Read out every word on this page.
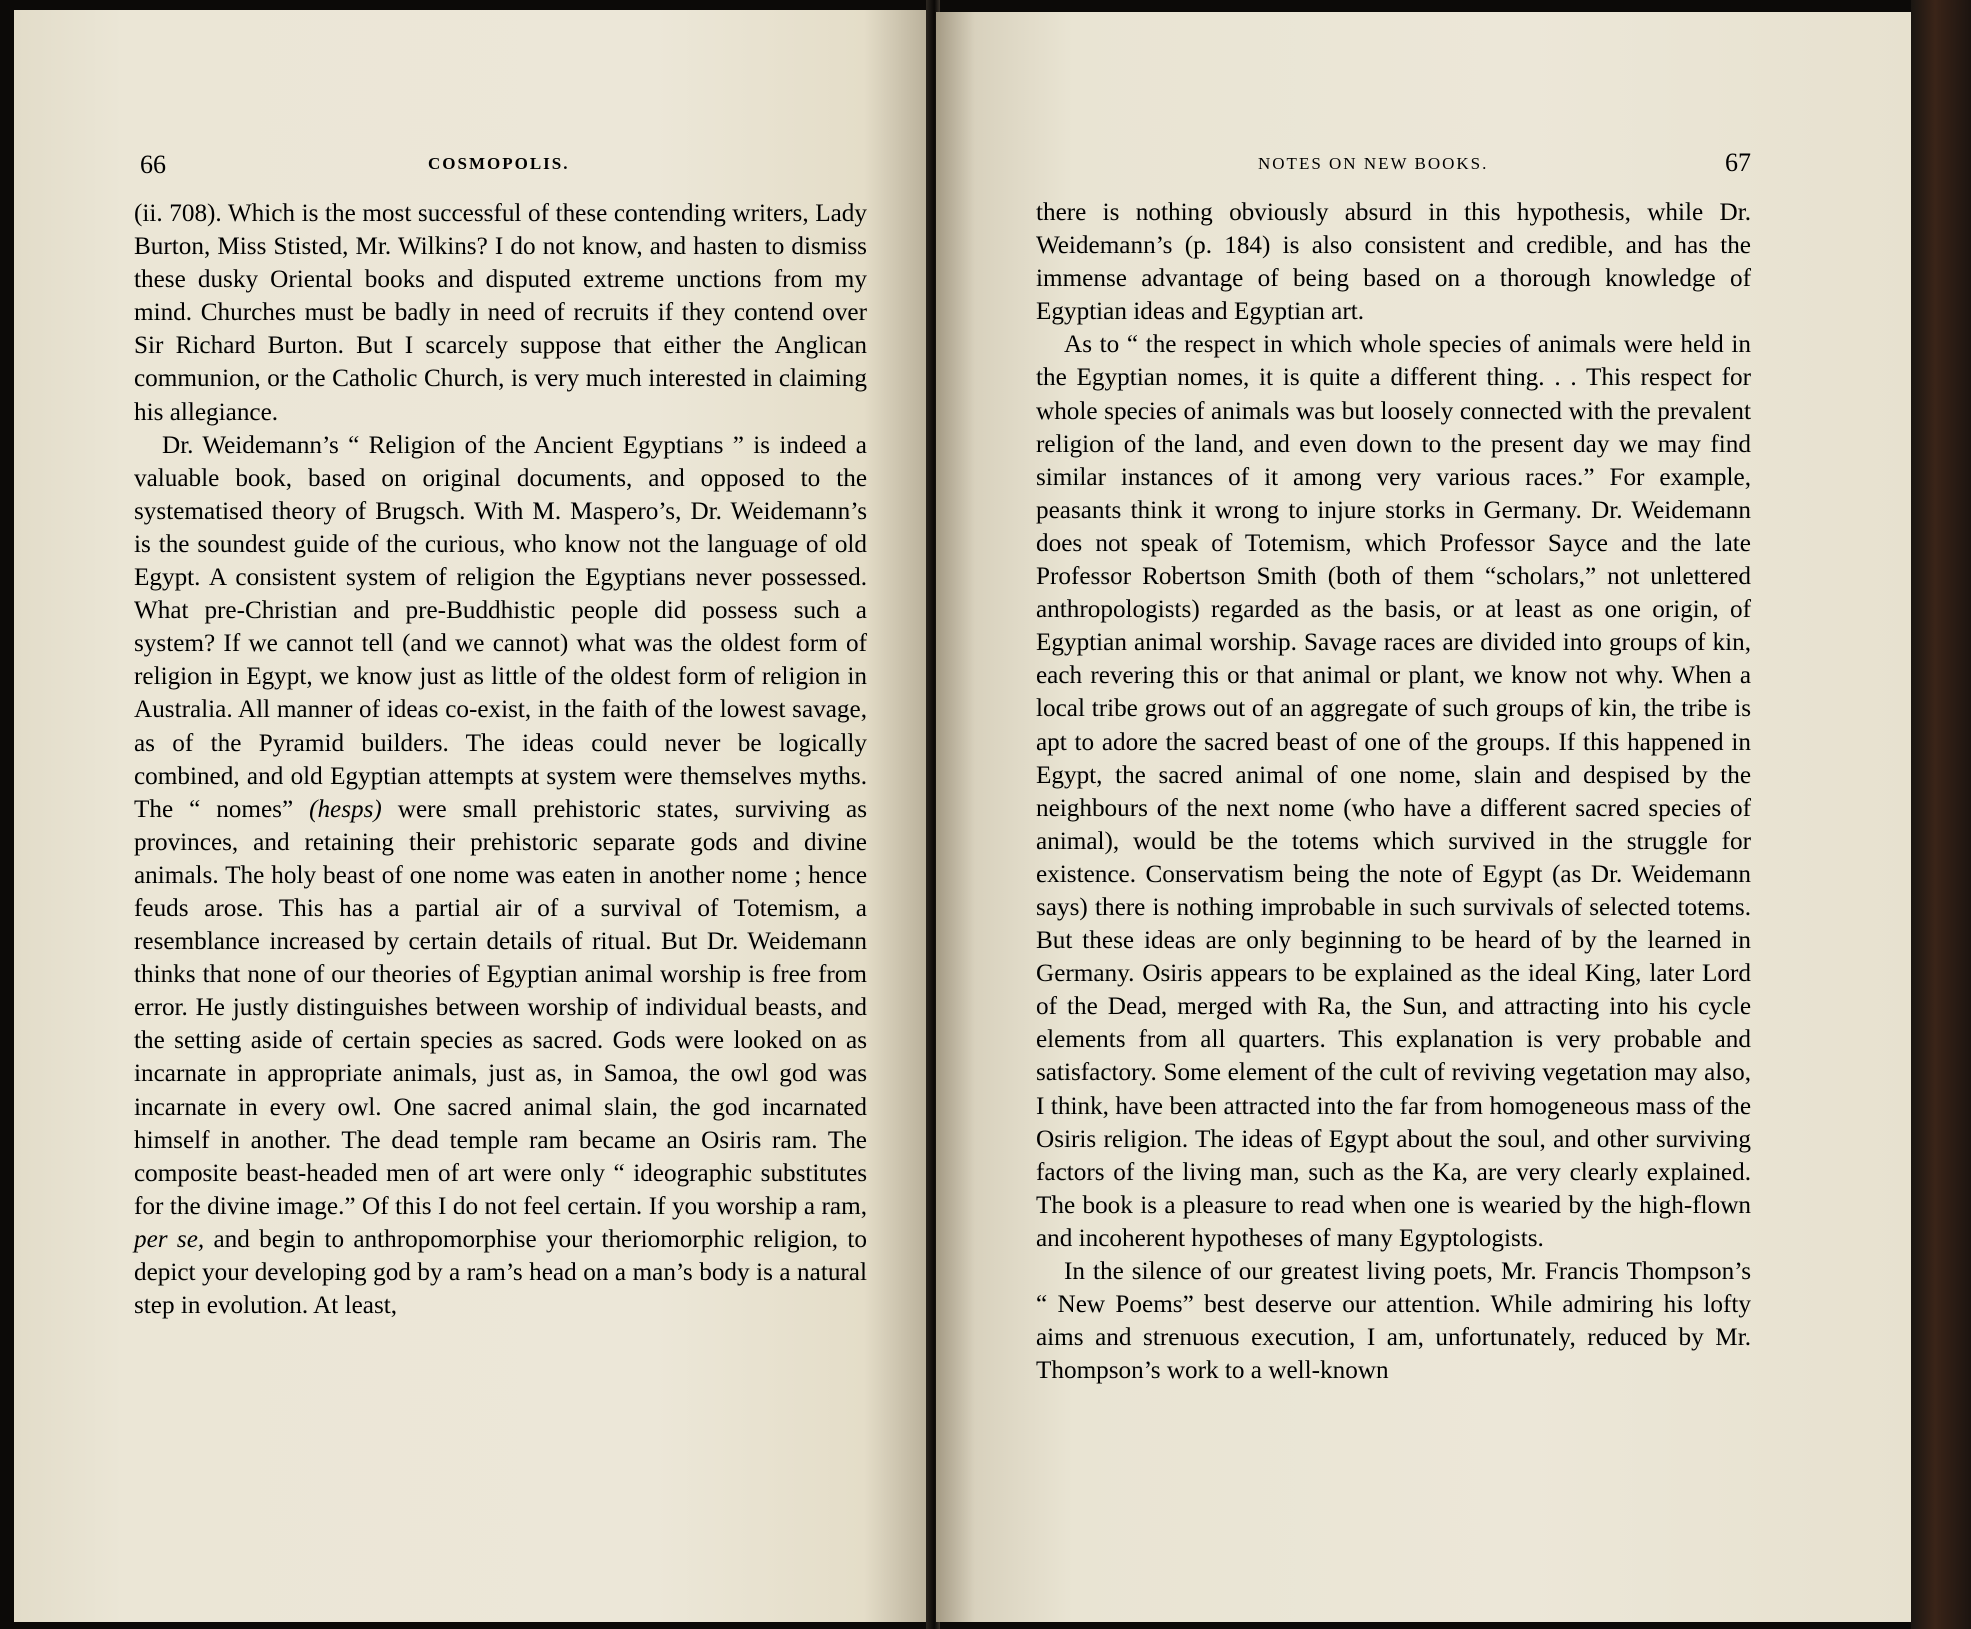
66	COSMOPOLIS.	NOTES ON NEW BOOKS.	67

(ii. 708). Which is the most successful of these contending writers, Lady Burton, Miss Stisted, Mr. Wilkins? I do not know, and hasten to dismiss these dusky Oriental books and disputed extreme unctions from my mind. Churches must be badly in need of recruits if they contend over Sir Richard Burton. But I scarcely suppose that either the Anglican communion, or the Catholic Church, is very much interested in claiming his allegiance.

Dr. Weidemann’s “ Religion of the Ancient Egyptians ” is indeed a valuable book, based on original documents, and opposed to the systematised theory of Brugsch. With M. Maspero’s, Dr. Weidemann’s is the soundest guide of the curious, who know not the language of old Egypt. A consistent system of religion the Egyptians never possessed. What pre-Christian and pre-Buddhistic people did possess such a system? If we cannot tell (and we cannot) what was the oldest form of religion in Egypt, we know just as little of the oldest form of religion in Australia. All manner of ideas co-exist, in the faith of the lowest savage, as of the Pyramid builders. The ideas could never be logically combined, and old Egyptian attempts at system were themselves myths. The “ nomes” (hesps) were small prehistoric states, surviving as provinces, and retaining their prehistoric separate gods and divine animals. The holy beast of one nome was eaten in another nome ; hence feuds arose. This has a partial air of a survival of Totemism, a resemblance increased by certain details of ritual. But Dr. Weidemann thinks that none of our theories of Egyptian animal worship is free from error. He justly distinguishes between worship of individual beasts, and the setting aside of certain species as sacred. Gods were looked on as incarnate in appropriate animals, just as, in Samoa, the owl god was incarnate in every owl. One sacred animal slain, the god incarnated himself in another. The dead temple ram became an Osiris ram. The composite beast-headed men of art were only “ ideographic substitutes for the divine image.” Of this I do not feel certain. If you worship a ram, per se, and begin to anthropomorphise your theriomorphic religion, to depict your developing god by a ram’s head on a man’s body is a natural step in evolution. At least,

there is nothing obviously absurd in this hypothesis, while Dr. Weidemann’s (p. 184) is also consistent and credible, and has the immense advantage of being based on a thorough knowledge of Egyptian ideas and Egyptian art.

As to “ the respect in which whole species of animals were held in the Egyptian nomes, it is quite a different thing. . . This respect for whole species of animals was but loosely connected with the prevalent religion of the land, and even down to the present day we may find similar instances of it among very various races.” For example, peasants think it wrong to injure storks in Germany. Dr. Weidemann does not speak of Totemism, which Professor Sayce and the late Professor Robertson Smith (both of them “scholars,” not unlettered anthropologists) regarded as the basis, or at least as one origin, of Egyptian animal worship. Savage races are divided into groups of kin, each revering this or that animal or plant, we know not why. When a local tribe grows out of an aggregate of such groups of kin, the tribe is apt to adore the sacred beast of one of the groups. If this happened in Egypt, the sacred animal of one nome, slain and despised by the neighbours of the next nome (who have a different sacred species of animal), would be the totems which survived in the struggle for existence. Conservatism being the note of Egypt (as Dr. Weidemann says) there is nothing improbable in such survivals of selected totems. But these ideas are only beginning to be heard of by the learned in Germany. Osiris appears to be explained as the ideal King, later Lord of the Dead, merged with Ra, the Sun, and attracting into his cycle elements from all quarters. This explanation is very probable and satisfactory. Some element of the cult of reviving vegetation may also, I think, have been attracted into the far from homogeneous mass of the Osiris religion. The ideas of Egypt about the soul, and other surviving factors of the living man, such as the Ka, are very clearly explained. The book is a pleasure to read when one is wearied by the high-flown and incoherent hypotheses of many Egyptologists.

In the silence of our greatest living poets, Mr. Francis Thompson’s “ New Poems” best deserve our attention. While admiring his lofty aims and strenuous execution, I am, unfortunately, reduced by Mr. Thompson’s work to a well-known
